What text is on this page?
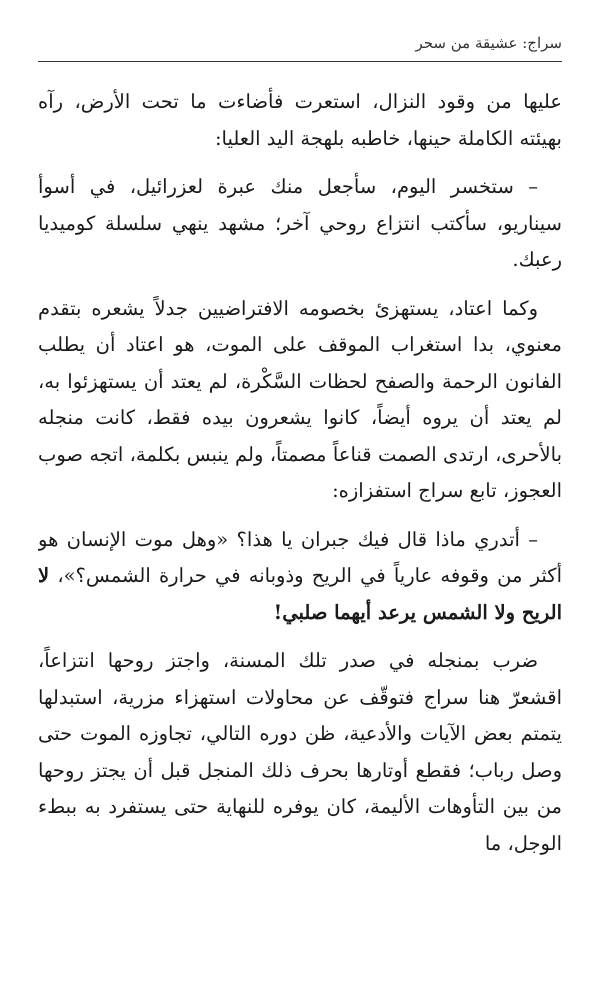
سراج: عشيقة من سحر

عليها من وقود النزال، استعرت فأضاءت ما تحت الأرض، رآه بهيئته الكاملة حينها، خاطبه بلهجة اليد العليا:

– ستخسر اليوم، سأجعل منك عبرة لعزرائيل، في أسوأ سيناريو، سأكتب انتزاع روحي آخر؛ مشهد ينهي سلسلة كوميديا رعبك.

وكما اعتاد، يستهزئ بخصومه الافتراضيين جدلاً يشعره بتقدم معنوي، بدا استغراب الموقف على الموت، هو اعتاد أن يطلب الفانون الرحمة والصفح لحظات السَّكْرة، لم يعتد أن يستهزئوا به، لم يعتد أن يروه أيضاً، كانوا يشعرون بيده فقط، كانت منجله بالأحرى، ارتدى الصمت قناعاً مصمتاً، ولم ينبس بكلمة، اتجه صوب العجوز، تابع سراج استفزازه:

– أتدري ماذا قال فيك جبران يا هذا؟ «وهل موت الإنسان هو أكثر من وقوفه عارياً في الريح وذوبانه في حرارة الشمس؟»، لا الريح ولا الشمس يرعد أيهما صلبي!

ضرب بمنجله في صدر تلك المسنة، واجتز روحها انتزاعاً، اقشعرّ هنا سراج فتوقّف عن محاولات استهزاء مزرية، استبدلها يتمتم بعض الآيات والأدعية، ظن دوره التالي، تجاوزه الموت حتى وصل رباب؛ فقطع أوتارها بحرف ذلك المنجل قبل أن يجتز روحها من بين التأوهات الأليمة، كان يوفره للنهاية حتى يستفرد به ببطء الوجل، ما
